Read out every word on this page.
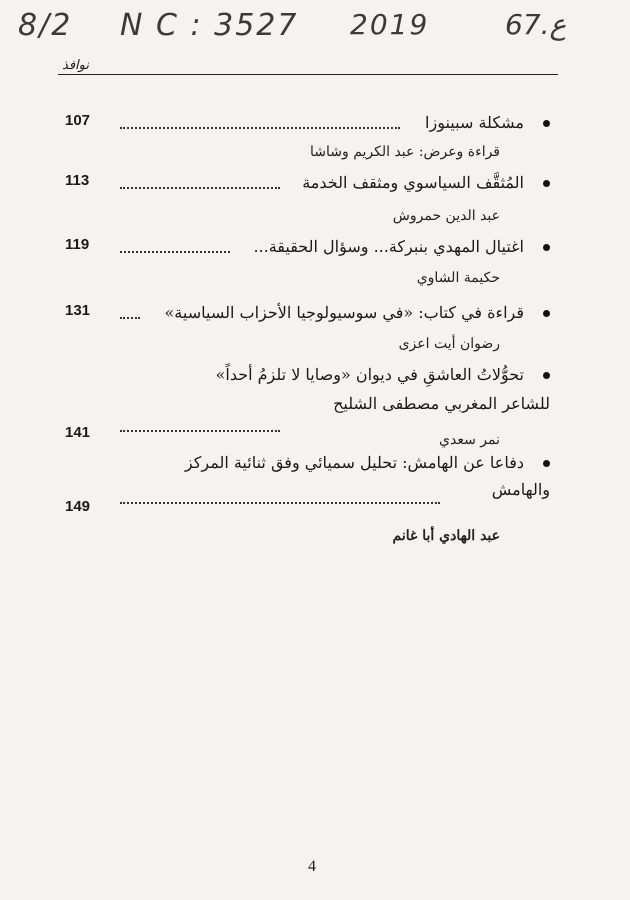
8/2 N C : 3527 2019	67.ع
نوافذ
مشكلة سبينوزا
107
قراءة وعرض: عبد الكريم وشاشا
المُثقَّف السياسوي ومثقف الخدمة
113
عبد الدين حمروش
اغتيال المهدي بنبركة... وسؤال الحقيقة...
119
حكيمة الشاوي
قراءة في كتاب: «في سوسيولوجيا الأحزاب السياسية»
131
رضوان أيت اعزى
تحوُّلاتُ العاشقِ في ديوان «وصايا لا تلزمُ أحداً»
للشاعر المغربي مصطفى الشليح
141	نمر سعدي
دفاعا عن الهامش: تحليل سميائي وفق ثنائية المركز
والهامش
149
عبد الهادي أبا غانم
4
